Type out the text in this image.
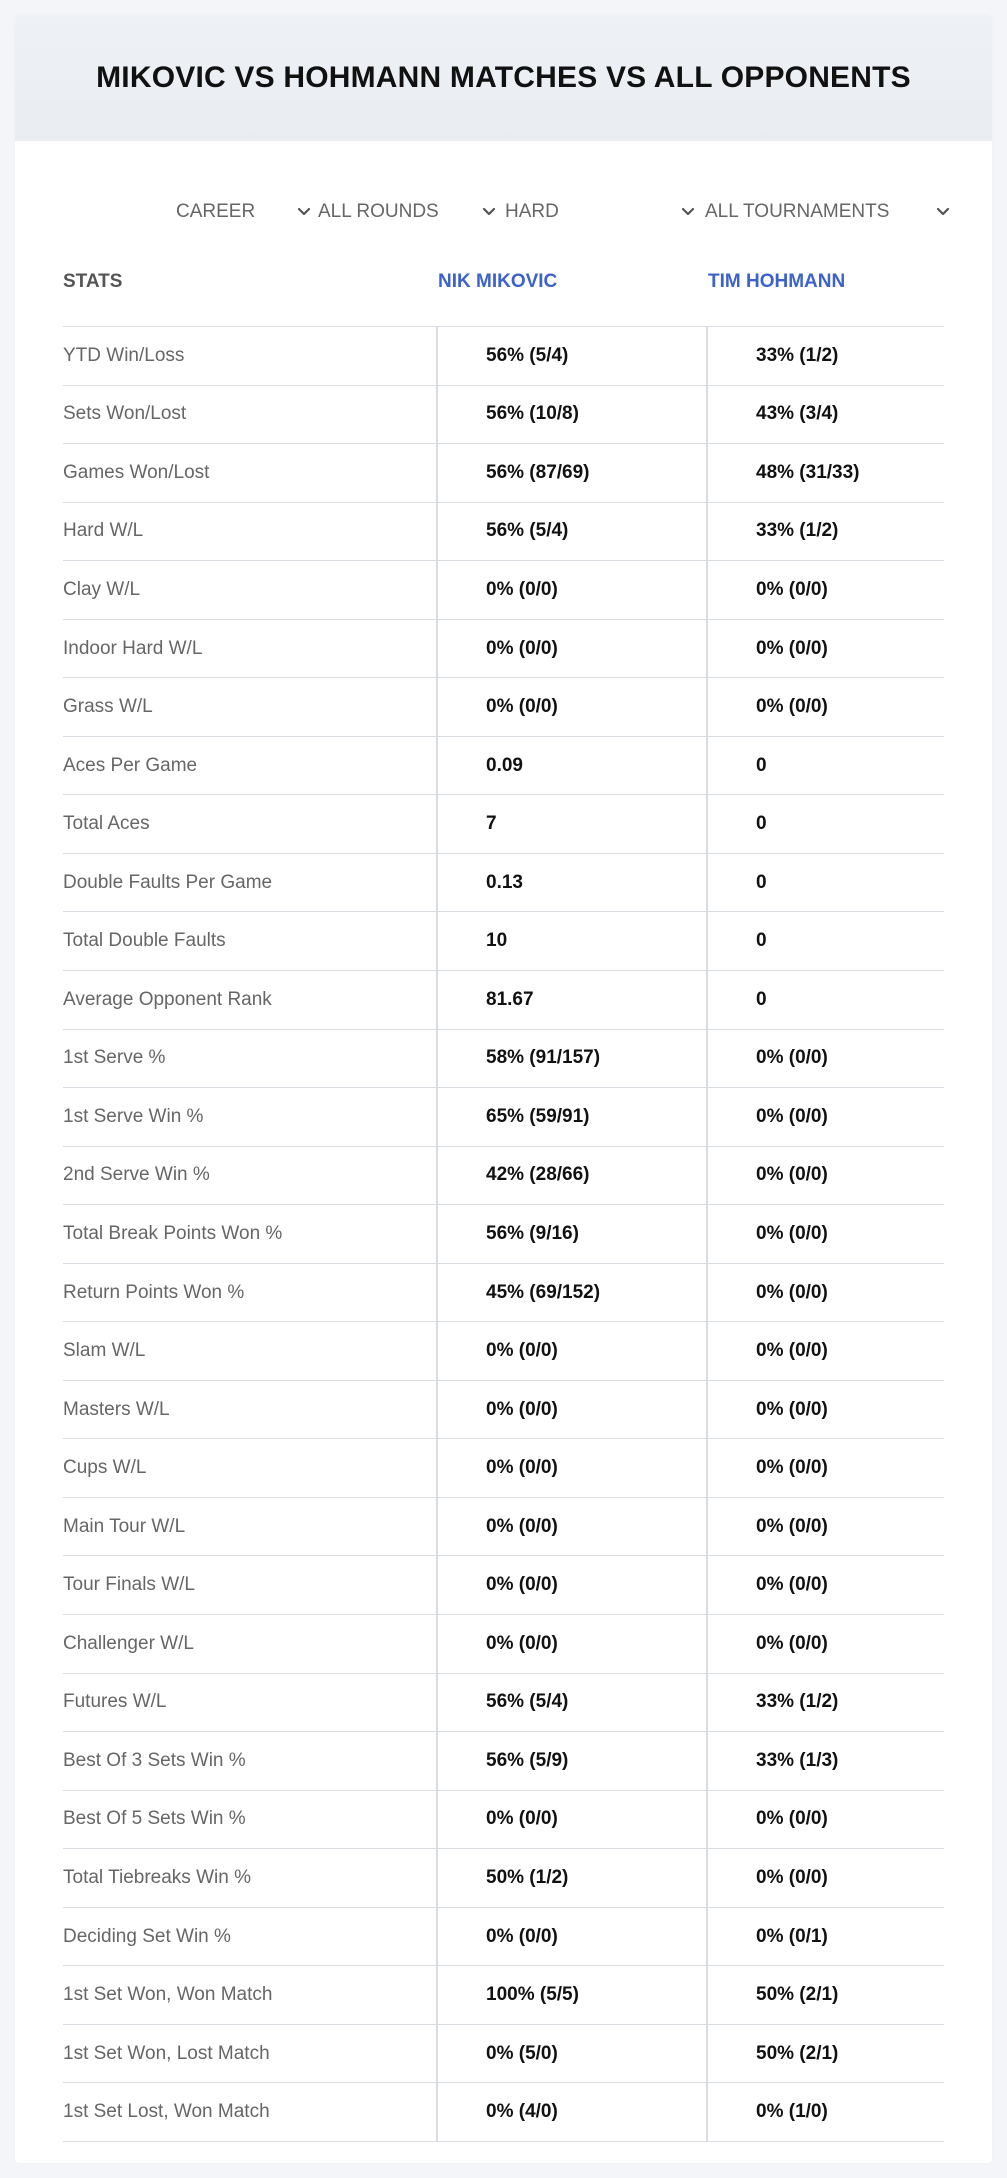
MIKOVIC VS HOHMANN MATCHES VS ALL OPPONENTS
CAREER	ALL ROUNDS	HARD	ALL TOURNAMENTS
STATS	NIK MIKOVIC	TIM HOHMANN
YTD Win/Loss	56% (5/4)	33% (1/2)
Sets Won/Lost	56% (10/8)	43% (3/4)
Games Won/Lost	56% (87/69)	48% (31/33)
Hard W/L	56% (5/4)	33% (1/2)
Clay W/L	0% (0/0)	0% (0/0)
Indoor Hard W/L	0% (0/0)	0% (0/0)
Grass W/L	0% (0/0)	0% (0/0)
Aces Per Game	0.09	0
Total Aces	7	0
Double Faults Per Game	0.13	0
Total Double Faults	10	0
Average Opponent Rank	81.67	0
1st Serve %	58% (91/157)	0% (0/0)
1st Serve Win %	65% (59/91)	0% (0/0)
2nd Serve Win %	42% (28/66)	0% (0/0)
Total Break Points Won %	56% (9/16)	0% (0/0)
Return Points Won %	45% (69/152)	0% (0/0)
Slam W/L	0% (0/0)	0% (0/0)
Masters W/L	0% (0/0)	0% (0/0)
Cups W/L	0% (0/0)	0% (0/0)
Main Tour W/L	0% (0/0)	0% (0/0)
Tour Finals W/L	0% (0/0)	0% (0/0)
Challenger W/L	0% (0/0)	0% (0/0)
Futures W/L	56% (5/4)	33% (1/2)
Best Of 3 Sets Win %	56% (5/9)	33% (1/3)
Best Of 5 Sets Win %	0% (0/0)	0% (0/0)
Total Tiebreaks Win %	50% (1/2)	0% (0/0)
Deciding Set Win %	0% (0/0)	0% (0/1)
1st Set Won, Won Match	100% (5/5)	50% (2/1)
1st Set Won, Lost Match	0% (5/0)	50% (2/1)
1st Set Lost, Won Match	0% (4/0)	0% (1/0)
